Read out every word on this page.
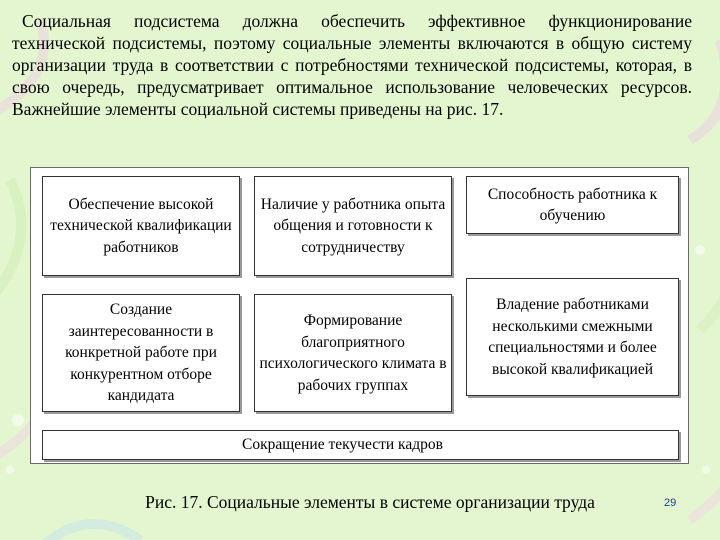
Социальная подсистема должна обеспечить эффективное функционирование технической подсистемы, поэтому социальные элементы включаются в общую систему организации труда в соответствии с потребностями технической подсистемы, которая, в свою очередь, предусматривает оптимальное использование человеческих ресурсов. Важнейшие элементы социальной системы приведены на рис. 17.
Обеспечение высокой технической квалификации работников
Наличие у работника опыта общения и готовности к сотрудничеству
Способность работника к обучению
Создание заинтересованности в конкретной работе при конкурентном отборе кандидата
Формирование благоприятного психологического климата в рабочих группах
Владение работниками несколькими смежными специальностями и более высокой квалификацией
Сокращение текучести кадров
Рис. 17. Социальные элементы в системе организации труда	29
